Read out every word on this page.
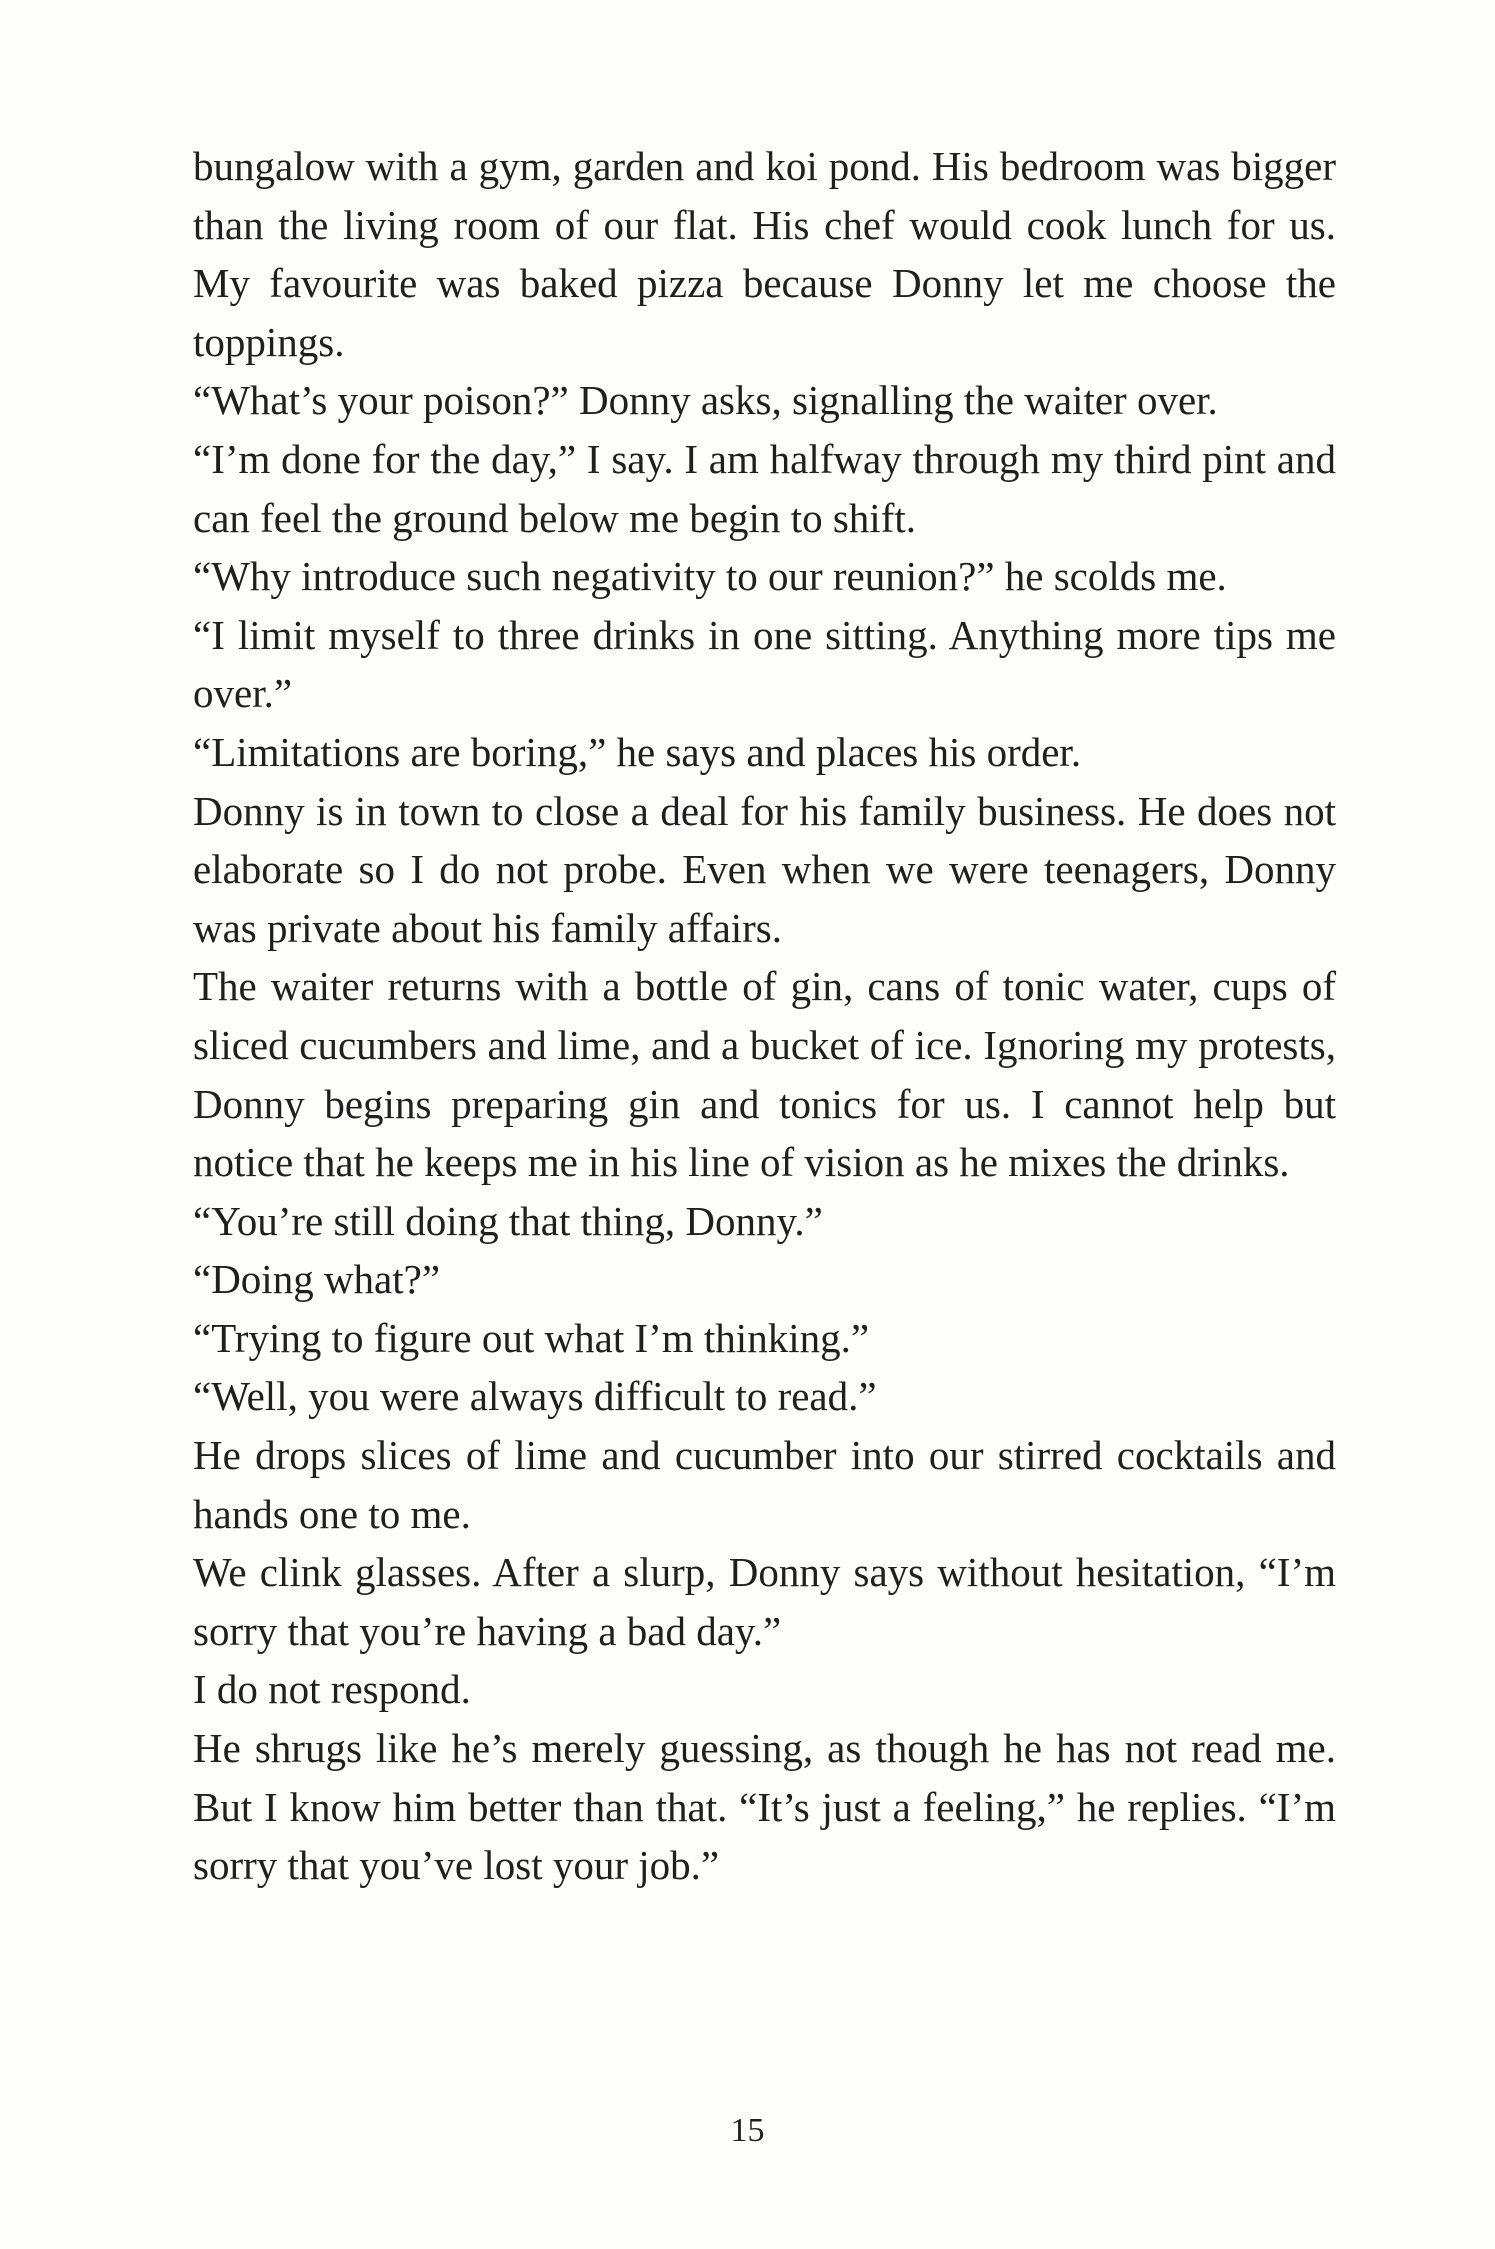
bungalow with a gym, garden and koi pond. His bedroom was bigger than the living room of our flat. His chef would cook lunch for us. My favourite was baked pizza because Donny let me choose the toppings.

“What’s your poison?” Donny asks, signalling the waiter over.

“I’m done for the day,” I say. I am halfway through my third pint and can feel the ground below me begin to shift.

“Why introduce such negativity to our reunion?” he scolds me.

“I limit myself to three drinks in one sitting. Anything more tips me over.”

“Limitations are boring,” he says and places his order.

Donny is in town to close a deal for his family business. He does not elaborate so I do not probe. Even when we were teenagers, Donny was private about his family affairs.

The waiter returns with a bottle of gin, cans of tonic water, cups of sliced cucumbers and lime, and a bucket of ice. Ignoring my protests, Donny begins preparing gin and tonics for us. I cannot help but notice that he keeps me in his line of vision as he mixes the drinks.

“You’re still doing that thing, Donny.”

“Doing what?”

“Trying to figure out what I’m thinking.”

“Well, you were always difficult to read.”

He drops slices of lime and cucumber into our stirred cocktails and hands one to me.

We clink glasses. After a slurp, Donny says without hesitation, “I’m sorry that you’re having a bad day.”

I do not respond.

He shrugs like he’s merely guessing, as though he has not read me. But I know him better than that. “It’s just a feeling,” he replies. “I’m sorry that you’ve lost your job.”

15
